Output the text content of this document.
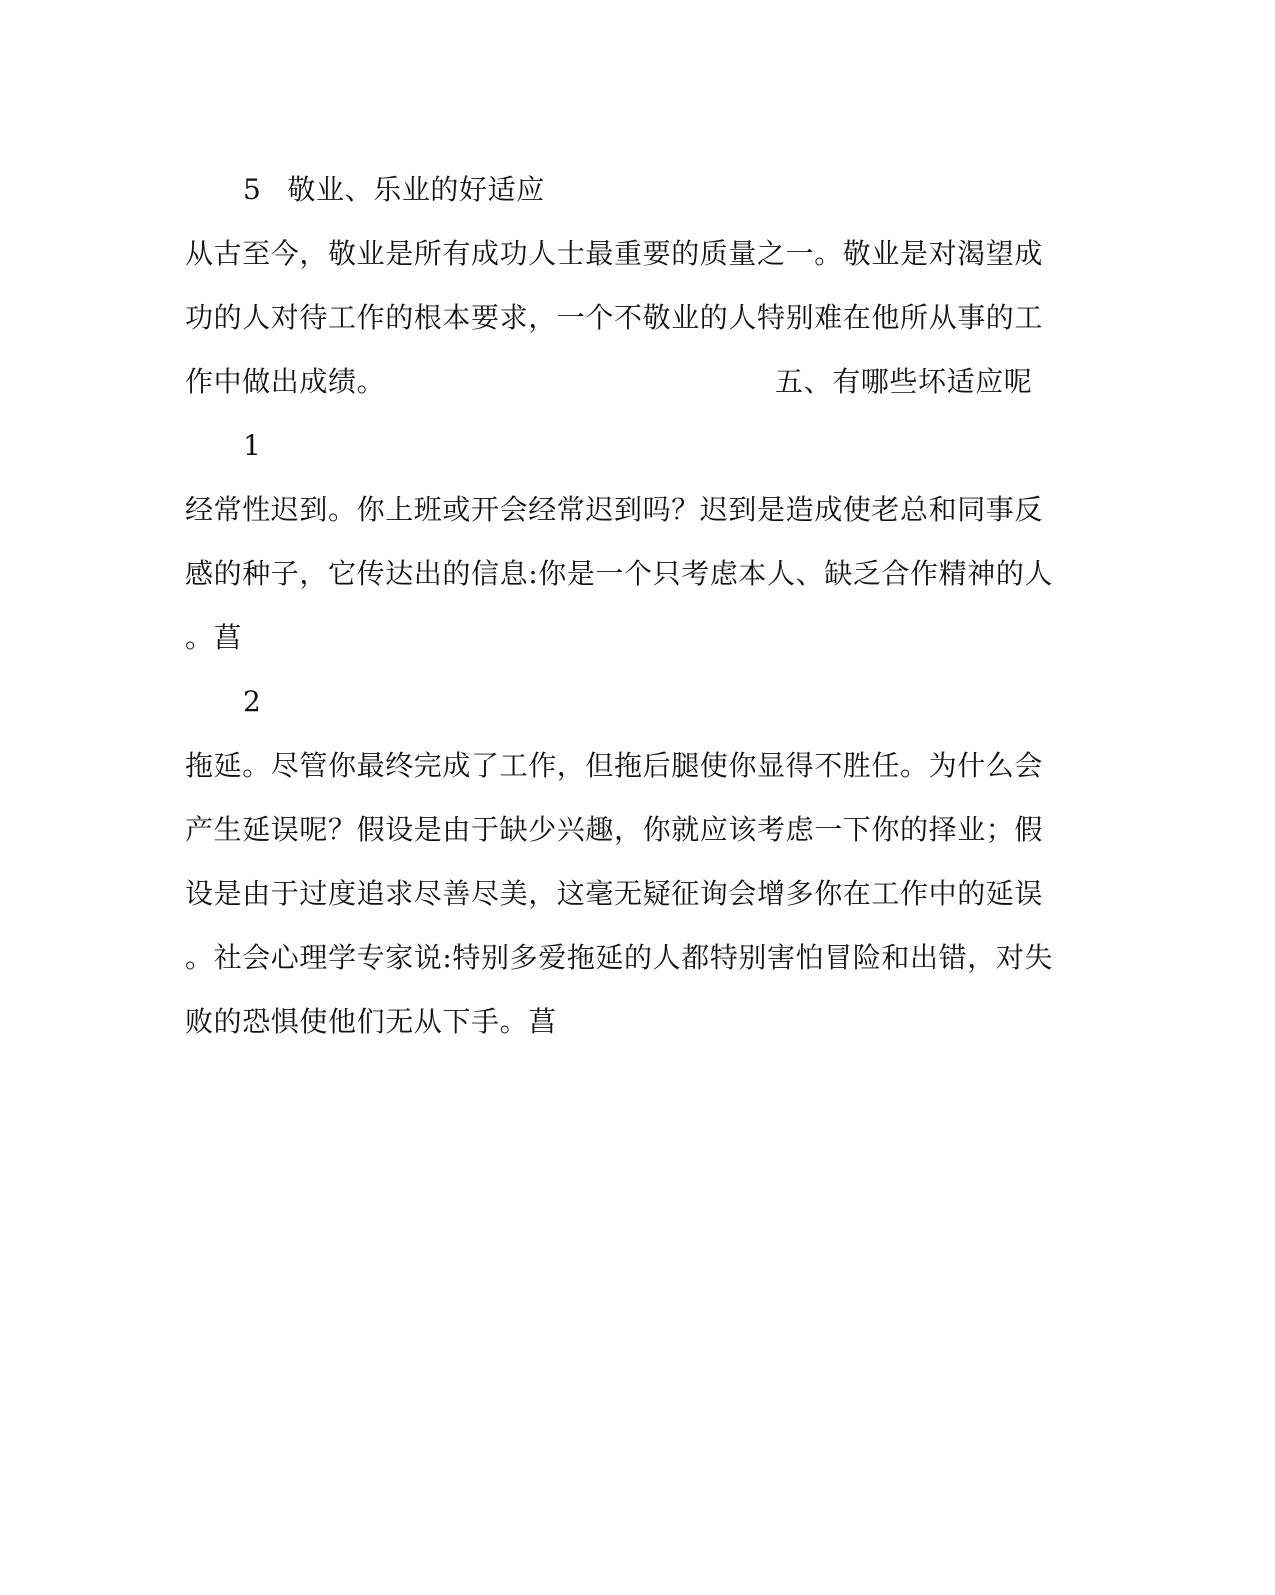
5 敬业、乐业的好适应
从古至今，敬业是所有成功人士最重要的质量之一。敬业是对渴望成
功的人对待工作的根本要求，一个不敬业的人特别难在他所从事的工
作中做出成绩。	五、有哪些坏适应呢
1
经常性迟到。你上班或开会经常迟到吗？迟到是造成使老总和同事反
感的种子，它传达出的信息:你是一个只考虑本人、缺乏合作精神的人
。菖
2
拖延。尽管你最终完成了工作，但拖后腿使你显得不胜任。为什么会
产生延误呢？假设是由于缺少兴趣，你就应该考虑一下你的择业；假
设是由于过度追求尽善尽美，这毫无疑征询会增多你在工作中的延误
。社会心理学专家说:特别多爱拖延的人都特别害怕冒险和出错，对失
败的恐惧使他们无从下手。菖
